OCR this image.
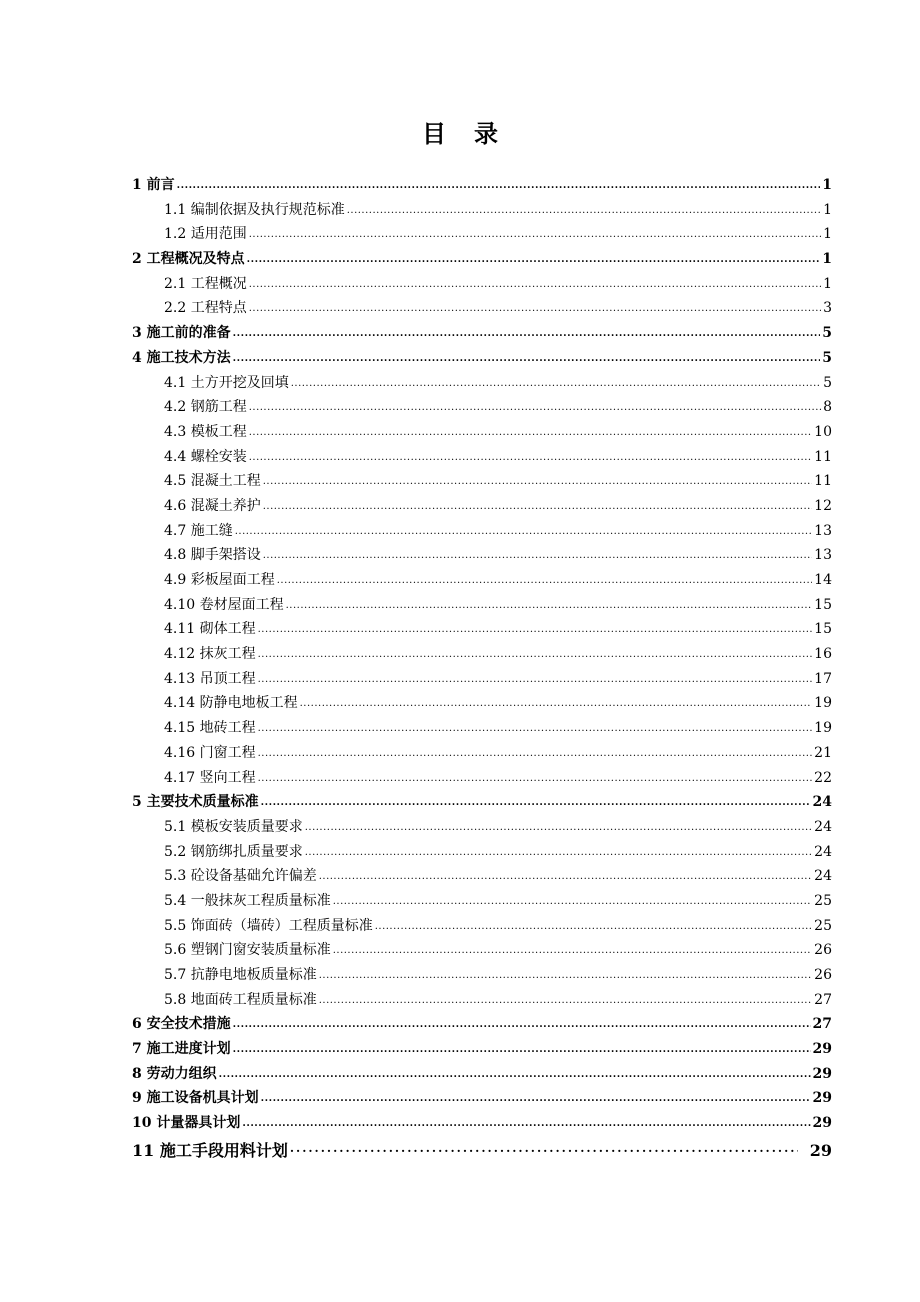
目 录
1 前言 .....	1
1.1 编制依据及执行规范标准 .....	1
1.2 适用范围 .....	1
2 工程概况及特点 .....	1
2.1 工程概况 .....	1
2.2 工程特点 .....	3
3 施工前的准备 .....	5
4 施工技术方法 .....	5
4.1 土方开挖及回填 .....	5
4.2 钢筋工程 .....	8
4.3 模板工程 .....	10
4.4 螺栓安装 .....	11
4.5 混凝土工程 .....	11
4.6 混凝土养护 .....	12
4.7 施工缝 .....	13
4.8 脚手架搭设 .....	13
4.9 彩板屋面工程 .....	14
4.10 卷材屋面工程 .....	15
4.11 砌体工程 .....	15
4.12 抹灰工程 .....	16
4.13 吊顶工程 .....	17
4.14 防静电地板工程 .....	19
4.15 地砖工程 .....	19
4.16 门窗工程 .....	21
4.17 竖向工程 .....	22
5 主要技术质量标准 .....	24
5.1 模板安装质量要求 .....	24
5.2 钢筋绑扎质量要求 .....	24
5.3 砼设备基础允许偏差 .....	24
5.4 一般抹灰工程质量标准 .....	25
5.5 饰面砖（墙砖）工程质量标准 .....	25
5.6 塑钢门窗安装质量标准 .....	26
5.7 抗静电地板质量标准 .....	26
5.8 地面砖工程质量标准 .....	27
6 安全技术措施 .....	27
7 施工进度计划 .....	29
8 劳动力组织 .....	29
9 施工设备机具计划 .....	29
10 计量器具计划 .....	29
11 施工手段用料计划 ·····	29
